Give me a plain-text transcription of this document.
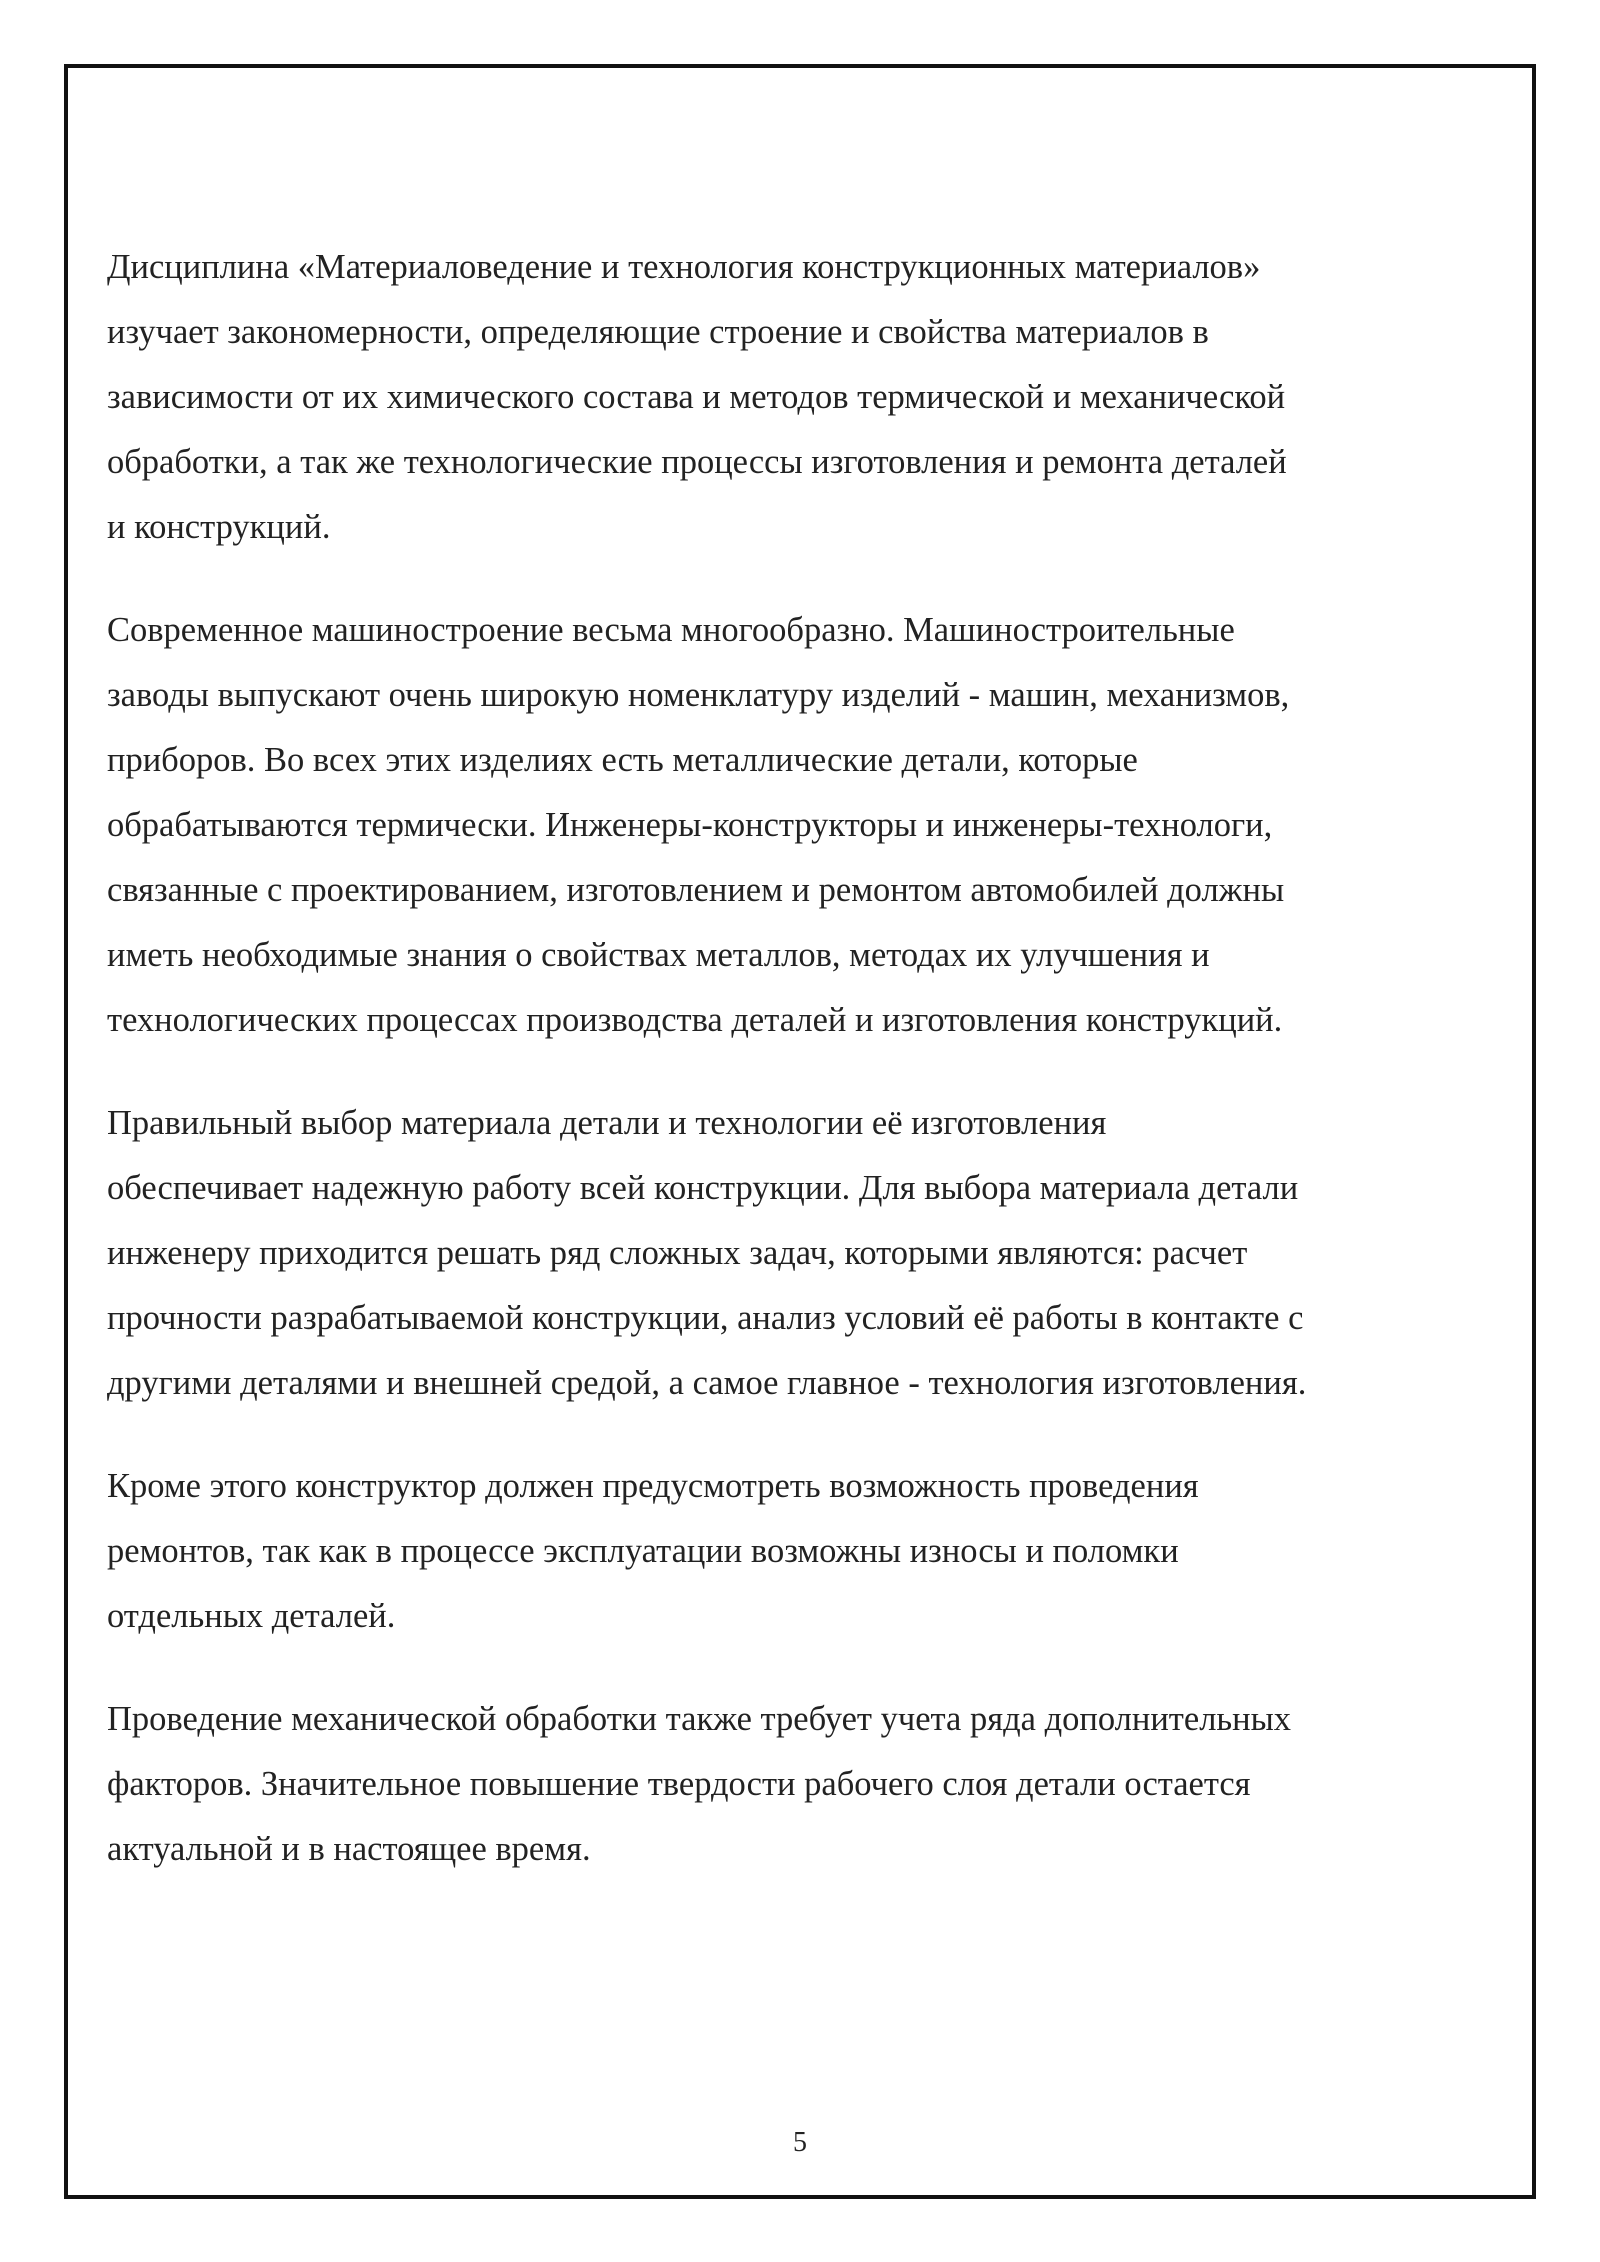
Дисциплина «Материаловедение и технология конструкционных материалов»
изучает закономерности, определяющие строение и свойства материалов в
зависимости от их химического состава и методов термической и механической
обработки, а так же технологические процессы изготовления и ремонта деталей
и конструкций.

Современное машиностроение весьма многообразно. Машиностроительные
заводы выпускают очень широкую номенклатуру изделий - машин, механизмов,
приборов. Во всех этих изделиях есть металлические детали, которые
обрабатываются термически. Инженеры-конструкторы и инженеры-технологи,
связанные с проектированием, изготовлением и ремонтом автомобилей должны
иметь необходимые знания о свойствах металлов, методах их улучшения и
технологических процессах производства деталей и изготовления конструкций.

Правильный выбор материала детали и технологии её изготовления
обеспечивает надежную работу всей конструкции. Для выбора материала детали
инженеру приходится решать ряд сложных задач, которыми являются: расчет
прочности разрабатываемой конструкции, анализ условий её работы в контакте с
другими деталями и внешней средой, а самое главное - технология изготовления.

Кроме этого конструктор должен предусмотреть возможность проведения
ремонтов, так как в процессе эксплуатации возможны износы и поломки
отдельных деталей.

Проведение механической обработки также требует учета ряда дополнительных
факторов. Значительное повышение твердости рабочего слоя детали остается
актуальной и в настоящее время.

5
